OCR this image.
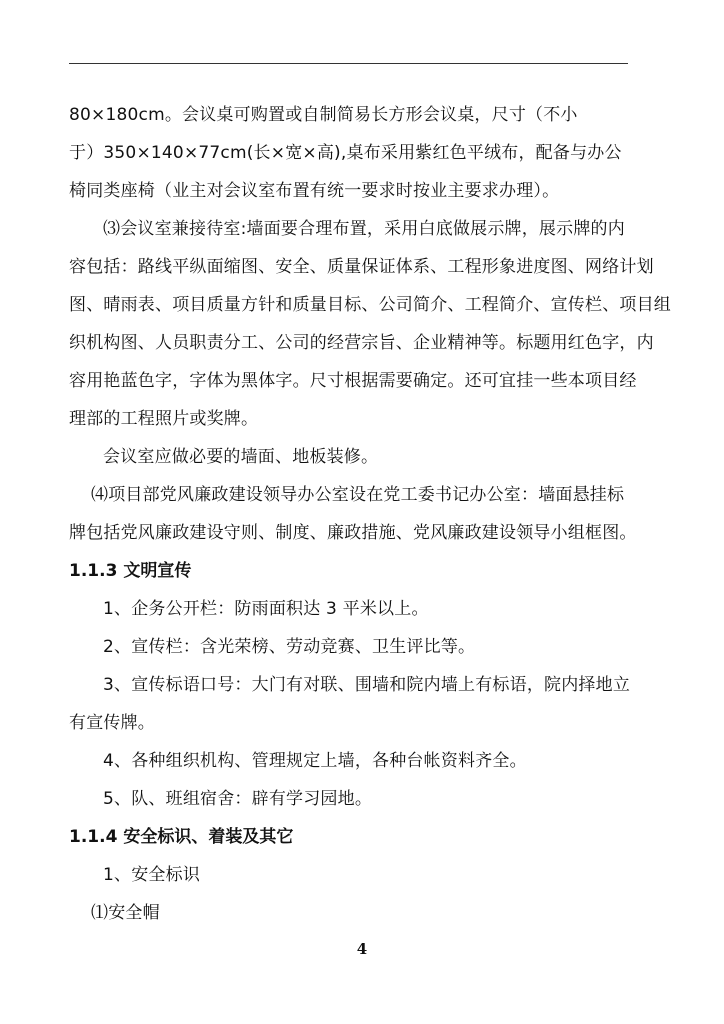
80×180cm。会议桌可购置或自制简易长方形会议桌，尺寸（不小
于）350×140×77cm(长×宽×高),桌布采用紫红色平绒布，配备与办公
椅同类座椅（业主对会议室布置有统一要求时按业主要求办理）。

⑶会议室兼接待室:墙面要合理布置，采用白底做展示牌，展示牌的内
容包括：路线平纵面缩图、安全、质量保证体系、工程形象进度图、网络计划
图、晴雨表、项目质量方针和质量目标、公司简介、工程简介、宣传栏、项目组
织机构图、人员职责分工、公司的经营宗旨、企业精神等。标题用红色字，内
容用艳蓝色字，字体为黑体字。尺寸根据需要确定。还可宜挂一些本项目经
理部的工程照片或奖牌。

会议室应做必要的墙面、地板装修。

⑷项目部党风廉政建设领导办公室设在党工委书记办公室：墙面悬挂标
牌包括党风廉政建设守则、制度、廉政措施、党风廉政建设领导小组框图。

1.1.3 文明宣传

1、企务公开栏：防雨面积达 3 平米以上。

2、宣传栏：含光荣榜、劳动竞赛、卫生评比等。

3、宣传标语口号：大门有对联、围墙和院内墙上有标语，院内择地立
有宣传牌。

4、各种组织机构、管理规定上墙，各种台帐资料齐全。

5、队、班组宿舍：辟有学习园地。

1.1.4 安全标识、着装及其它

1、安全标识

⑴安全帽

4
